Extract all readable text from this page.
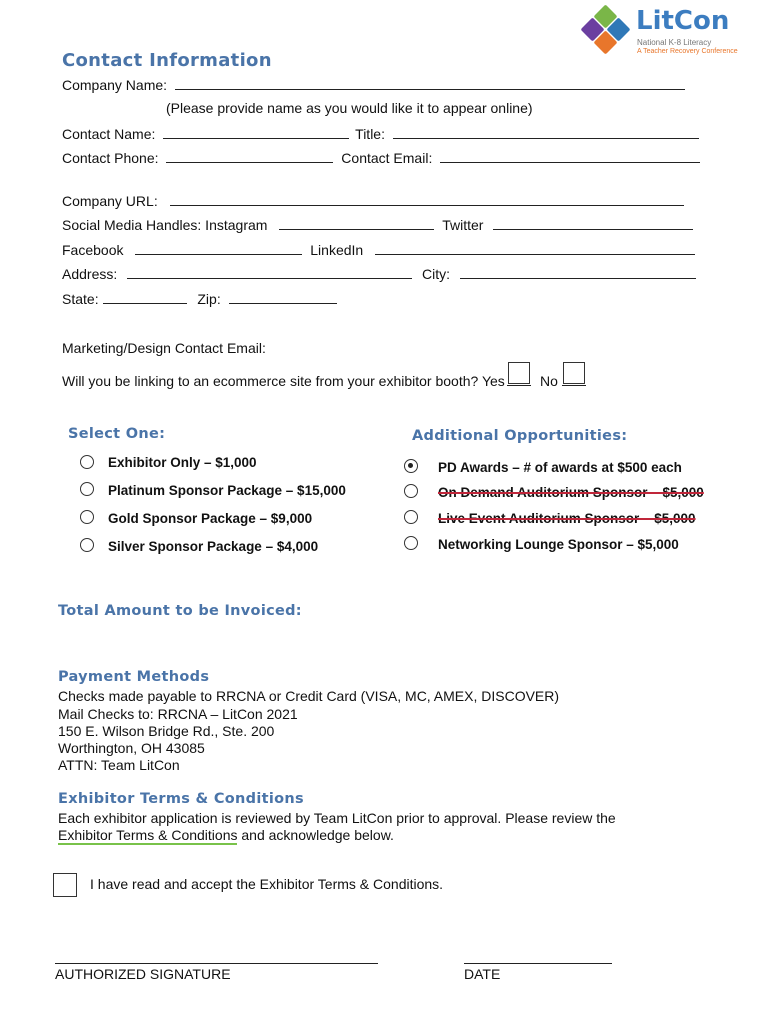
LitCon
National K-8 Literacy
A Teacher Recovery Conference
Contact Information
Company Name:
(Please provide name as you would like it to appear online)
Contact Name:	Title:
Contact Phone:	Contact Email:
Company URL:
Social Media Handles: Instagram	Twitter
Facebook	LinkedIn
Address:	City:
State:	Zip:
Marketing/Design Contact Email:
Will you be linking to an ecommerce site from your exhibitor booth? Yes	No
Select One:
Exhibitor Only – $1,000
Platinum Sponsor Package – $15,000
Gold Sponsor Package – $9,000
Silver Sponsor Package – $4,000
Additional Opportunities:
PD Awards – # of awards at $500 each
On Demand Auditorium Sponsor – $5,000
Live Event Auditorium Sponsor – $5,000
Networking Lounge Sponsor – $5,000
Total Amount to be Invoiced:
Payment Methods
Checks made payable to RRCNA or Credit Card (VISA, MC, AMEX, DISCOVER)
Mail Checks to: RRCNA – LitCon 2021
150 E. Wilson Bridge Rd., Ste. 200
Worthington, OH 43085
ATTN: Team LitCon
Exhibitor Terms & Conditions
Each exhibitor application is reviewed by Team LitCon prior to approval. Please review the
Exhibitor Terms & Conditions and acknowledge below.
I have read and accept the Exhibitor Terms & Conditions.
AUTHORIZED SIGNATURE	DATE
